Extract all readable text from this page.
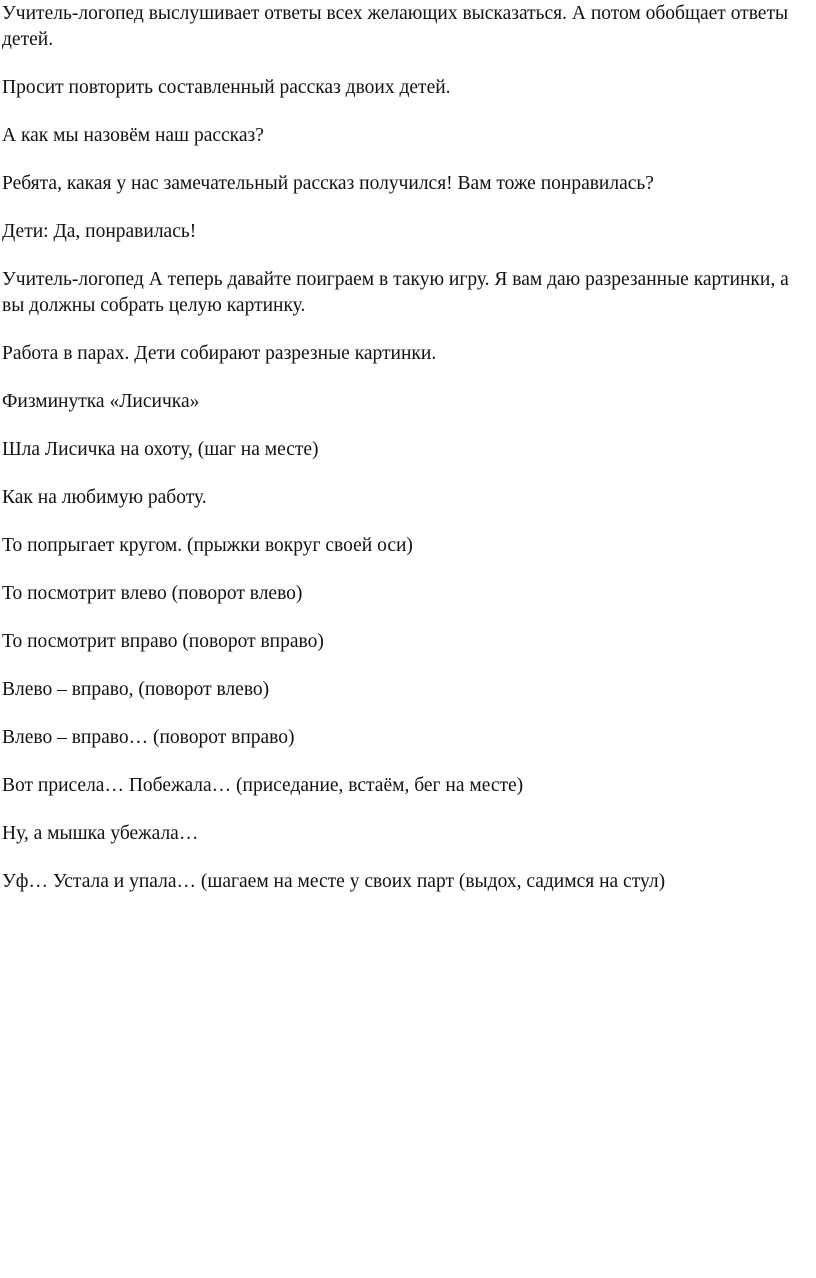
Учитель-логопед выслушивает ответы всех желающих высказаться. А потом обобщает ответы детей.

Просит повторить составленный рассказ двоих детей.

А как мы назовём наш рассказ?

Ребята, какая у нас замечательный рассказ получился! Вам тоже понравилась?

Дети: Да, понравилась!

Учитель-логопед А теперь давайте поиграем в такую игру. Я вам даю разрезанные картинки, а вы должны собрать целую картинку.

Работа в парах. Дети собирают разрезные картинки.

Физминутка «Лисичка»

Шла Лисичка на охоту, (шаг на месте)

Как на любимую работу.

То попрыгает кругом. (прыжки вокруг своей оси)

То посмотрит влево (поворот влево)

То посмотрит вправо (поворот вправо)

Влево – вправо, (поворот влево)

Влево – вправо… (поворот вправо)

Вот присела… Побежала… (приседание, встаём, бег на месте)

Ну, а мышка убежала…

Уф… Устала и упала… (шагаем на месте у своих парт (выдох, садимся на стул)
